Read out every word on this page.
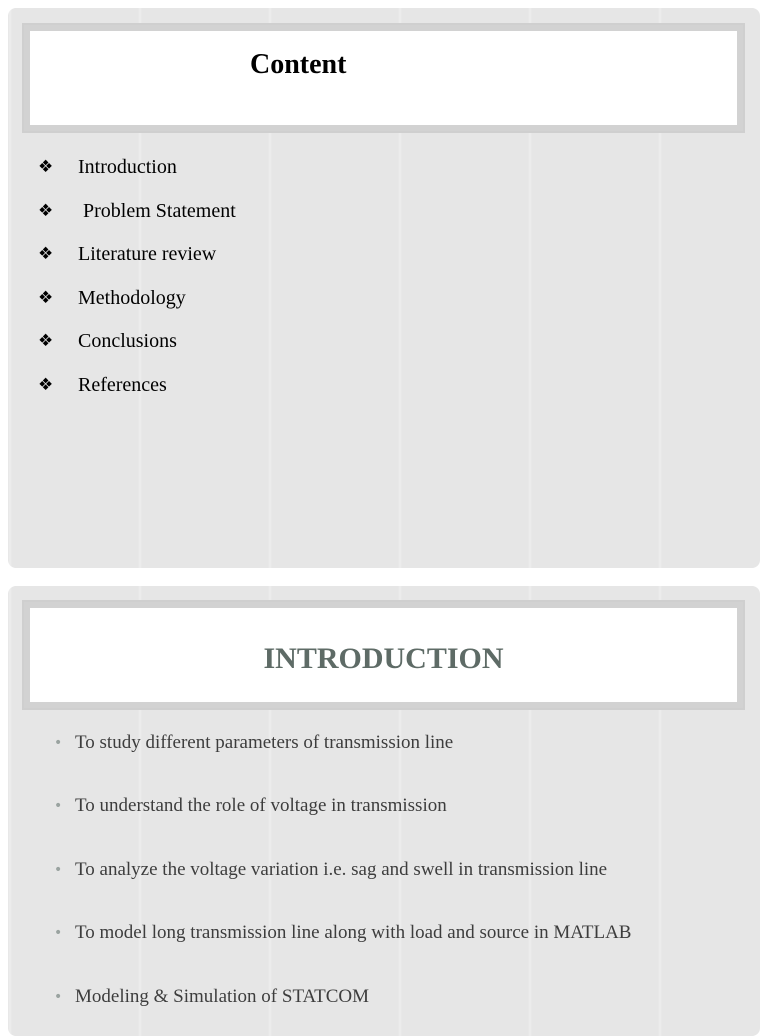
Content
❖	Introduction
❖	Problem Statement
❖	Literature review
❖	Methodology
❖	Conclusions
❖	References
INTRODUCTION
• To study different parameters of transmission line
• To understand the role of voltage in transmission
• To analyze the voltage variation i.e. sag and swell in transmission line
• To model long transmission line along with load and source in MATLAB
• Modeling & Simulation of STATCOM
